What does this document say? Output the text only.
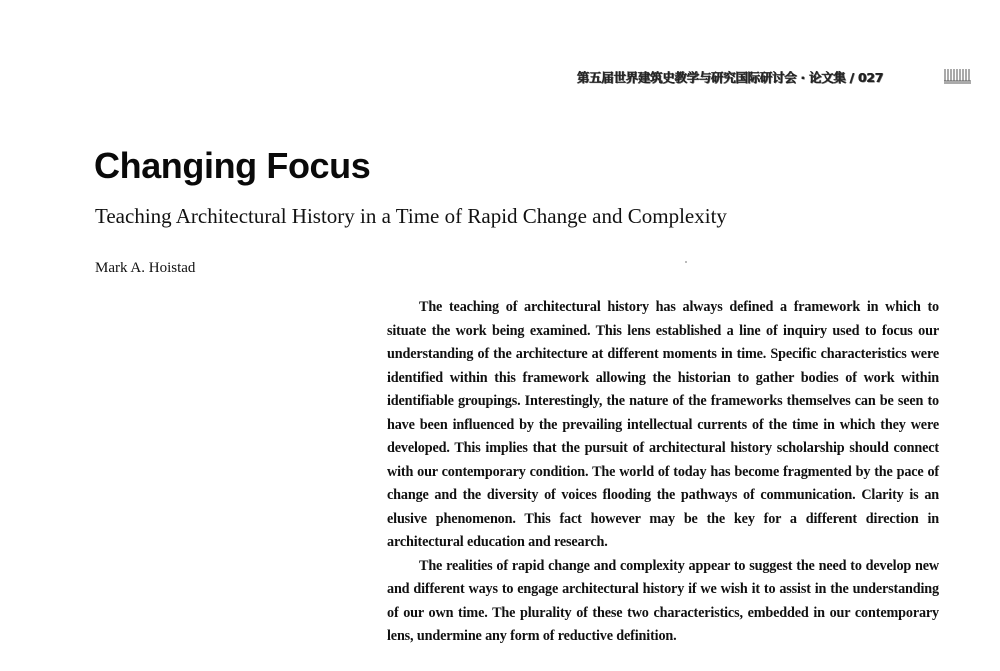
第五届世界建筑史教学与研究国际研讨会 · 论文集 / 027
Changing Focus
Teaching Architectural History in a Time of Rapid Change and Complexity
Mark A. Hoistad

The teaching of architectural history has always defined a framework in which to situate the work being examined. This lens established a line of inquiry used to focus our understanding of the architecture at different moments in time. Specific characteristics were identified within this framework allowing the historian to gather bodies of work within identifiable groupings. Interestingly, the nature of the frameworks themselves can be seen to have been influenced by the prevailing intellectual currents of the time in which they were developed. This implies that the pursuit of architectural history scholarship should connect with our contemporary condition. The world of today has become fragmented by the pace of change and the diversity of voices flooding the pathways of communication. Clarity is an elusive phenomenon. This fact however may be the key for a different direction in architectural education and research.

The realities of rapid change and complexity appear to suggest the need to develop new and different ways to engage architectural history if we wish it to assist in the understanding of our own time. The plurality of these two characteristics, embedded in our contemporary lens, undermine any form of reductive definition.
